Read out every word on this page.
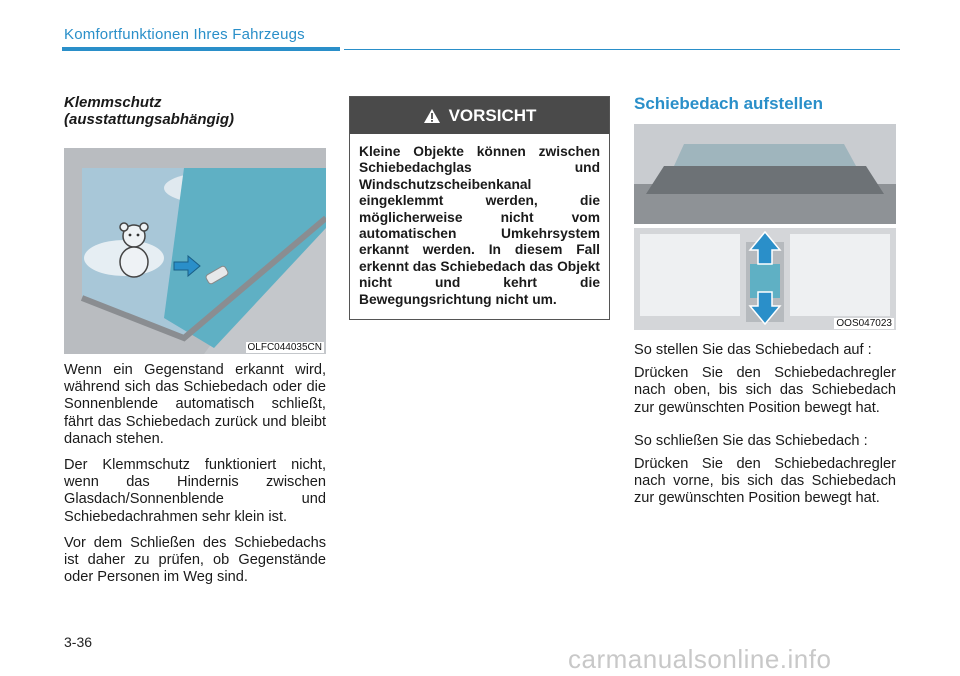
Komfortfunktionen Ihres Fahrzeugs

Klemmschutz
(ausstattungsabhängig)

OLFC044035CN

Wenn ein Gegenstand erkannt wird, während sich das Schiebedach oder die Sonnenblende automatisch schließt, fährt das Schiebedach zurück und bleibt danach stehen.

Der Klemmschutz funktioniert nicht, wenn das Hindernis zwischen Glasdach/Sonnenblende und Schiebedachrahmen sehr klein ist.

Vor dem Schließen des Schiebedachs ist daher zu prüfen, ob Gegenstände oder Personen im Weg sind.

VORSICHT
Kleine Objekte können zwischen Schiebedachglas und Windschutzscheibenkanal eingeklemmt werden, die möglicherweise nicht vom automatischen Umkehrsystem erkannt werden. In diesem Fall erkennt das Schiebedach das Objekt nicht und kehrt die Bewegungsrichtung nicht um.

Schiebedach aufstellen

OOS047023

So stellen Sie das Schiebedach auf :

Drücken Sie den Schiebedachregler nach oben, bis sich das Schiebedach zur gewünschten Position bewegt hat.

So schließen Sie das Schiebedach :

Drücken Sie den Schiebedachregler nach vorne, bis sich das Schiebedach zur gewünschten Position bewegt hat.

3-36
carmanualsonline.info
